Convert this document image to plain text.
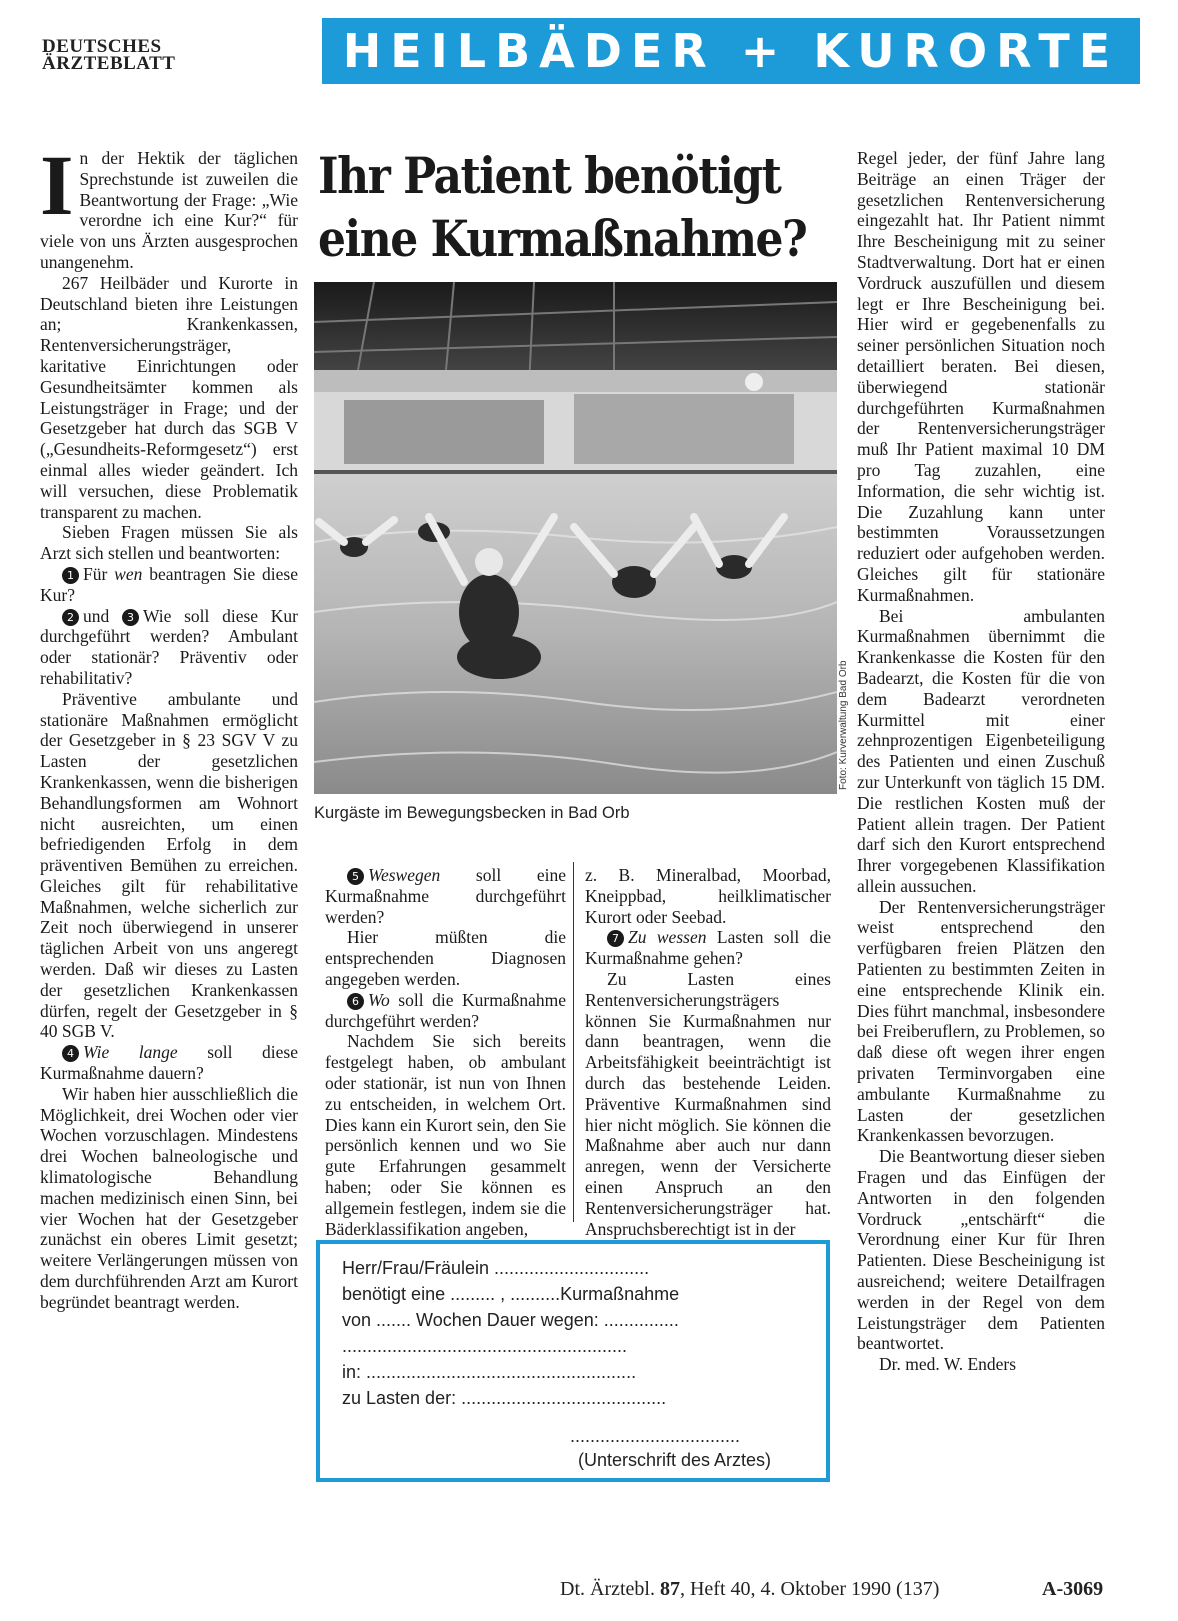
DEUTSCHES
ÄRZTEBLATT	HEILBÄDER + KURORTE

In der Hektik der täglichen Sprechstunde ist zuweilen die Beantwortung der Frage: „Wie verordne ich eine Kur?“ für viele von uns Ärzten ausgesprochen unangenehm.

267 Heilbäder und Kurorte in Deutschland bieten ihre Leistungen an; Krankenkassen, Rentenversicherungsträger, karitative Einrichtungen oder Gesundheitsämter kommen als Leistungsträger in Frage; und der Gesetzgeber hat durch das SGB V („Gesundheits-Reformgesetz“) erst einmal alles wieder geändert. Ich will versuchen, diese Problematik transparent zu machen.

Sieben Fragen müssen Sie als Arzt sich stellen und beantworten:

1 Für wen beantragen Sie diese Kur?

2 und 3 Wie soll diese Kur durchgeführt werden? Ambulant oder stationär? Präventiv oder rehabilitativ?

Präventive ambulante und stationäre Maßnahmen ermöglicht der Gesetzgeber in § 23 SGV V zu Lasten der gesetzlichen Krankenkassen, wenn die bisherigen Behandlungsformen am Wohnort nicht ausreichten, um einen befriedigenden Erfolg in dem präventiven Bemühen zu erreichen. Gleiches gilt für rehabilitative Maßnahmen, welche sicherlich zur Zeit noch überwiegend in unserer täglichen Arbeit von uns angeregt werden. Daß wir dieses zu Lasten der gesetzlichen Krankenkassen dürfen, regelt der Gesetzgeber in § 40 SGB V.

4 Wie lange soll diese Kurmaßnahme dauern?

Wir haben hier ausschließlich die Möglichkeit, drei Wochen oder vier Wochen vorzuschlagen. Mindestens drei Wochen balneologische und klimatologische Behandlung machen medizinisch einen Sinn, bei vier Wochen hat der Gesetzgeber zunächst ein oberes Limit gesetzt; weitere Verlängerungen müssen von dem durchführenden Arzt am Kurort begründet beantragt werden.

Ihr Patient benötigt eine Kurmaßnahme?
Foto: Kurverwaltung Bad Orb
Kurgäste im Bewegungsbecken in Bad Orb

5 Weswegen soll eine Kurmaßnahme durchgeführt werden?

Hier müßten die entsprechenden Diagnosen angegeben werden.

6 Wo soll die Kurmaßnahme durchgeführt werden?

Nachdem Sie sich bereits festgelegt haben, ob ambulant oder stationär, ist nun von Ihnen zu entscheiden, in welchem Ort. Dies kann ein Kurort sein, den Sie persönlich kennen und wo Sie gute Erfahrungen gesammelt haben; oder Sie können es allgemein festlegen, indem sie die Bäderklassifikation angeben,

z. B. Mineralbad, Moorbad, Kneippbad, heilklimatischer Kurort oder Seebad.

7 Zu wessen Lasten soll die Kurmaßnahme gehen?

Zu Lasten eines Rentenversicherungsträgers können Sie Kurmaßnahmen nur dann beantragen, wenn die Arbeitsfähigkeit beeinträchtigt ist durch das bestehende Leiden. Präventive Kurmaßnahmen sind hier nicht möglich. Sie können die Maßnahme aber auch nur dann anregen, wenn der Versicherte einen Anspruch an den Rentenversicherungsträger hat. Anspruchsberechtigt ist in der

Herr/Frau/Fräulein ...............................
benötigt eine ......... , ..........Kurmaßnahme
von ....... Wochen Dauer wegen: ...............
.........................................................
in: ......................................................
zu Lasten der: .........................................
..................................
(Unterschrift des Arztes)

Regel jeder, der fünf Jahre lang Beiträge an einen Träger der gesetzlichen Rentenversicherung eingezahlt hat. Ihr Patient nimmt Ihre Bescheinigung mit zu seiner Stadtverwaltung. Dort hat er einen Vordruck auszufüllen und diesem legt er Ihre Bescheinigung bei. Hier wird er gegebenenfalls zu seiner persönlichen Situation noch detailliert beraten. Bei diesen, überwiegend stationär durchgeführten Kurmaßnahmen der Rentenversicherungsträger muß Ihr Patient maximal 10 DM pro Tag zuzahlen, eine Information, die sehr wichtig ist. Die Zuzahlung kann unter bestimmten Voraussetzungen reduziert oder aufgehoben werden. Gleiches gilt für stationäre Kurmaßnahmen.

Bei ambulanten Kurmaßnahmen übernimmt die Krankenkasse die Kosten für den Badearzt, die Kosten für die von dem Badearzt verordneten Kurmittel mit einer zehnprozentigen Eigenbeteiligung des Patienten und einen Zuschuß zur Unterkunft von täglich 15 DM. Die restlichen Kosten muß der Patient allein tragen. Der Patient darf sich den Kurort entsprechend Ihrer vorgegebenen Klassifikation allein aussuchen.

Der Rentenversicherungsträger weist entsprechend den verfügbaren freien Plätzen den Patienten zu bestimmten Zeiten in eine entsprechende Klinik ein. Dies führt manchmal, insbesondere bei Freiberuflern, zu Problemen, so daß diese oft wegen ihrer engen privaten Terminvorgaben eine ambulante Kurmaßnahme zu Lasten der gesetzlichen Krankenkassen bevorzugen.

Die Beantwortung dieser sieben Fragen und das Einfügen der Antworten in den folgenden Vordruck „entschärft“ die Verordnung einer Kur für Ihren Patienten. Diese Bescheinigung ist ausreichend; weitere Detailfragen werden in der Regel von dem Leistungsträger dem Patienten beantwortet.

Dr. med. W. Enders

Dt. Ärztebl. 87, Heft 40, 4. Oktober 1990 (137)	A-3069
